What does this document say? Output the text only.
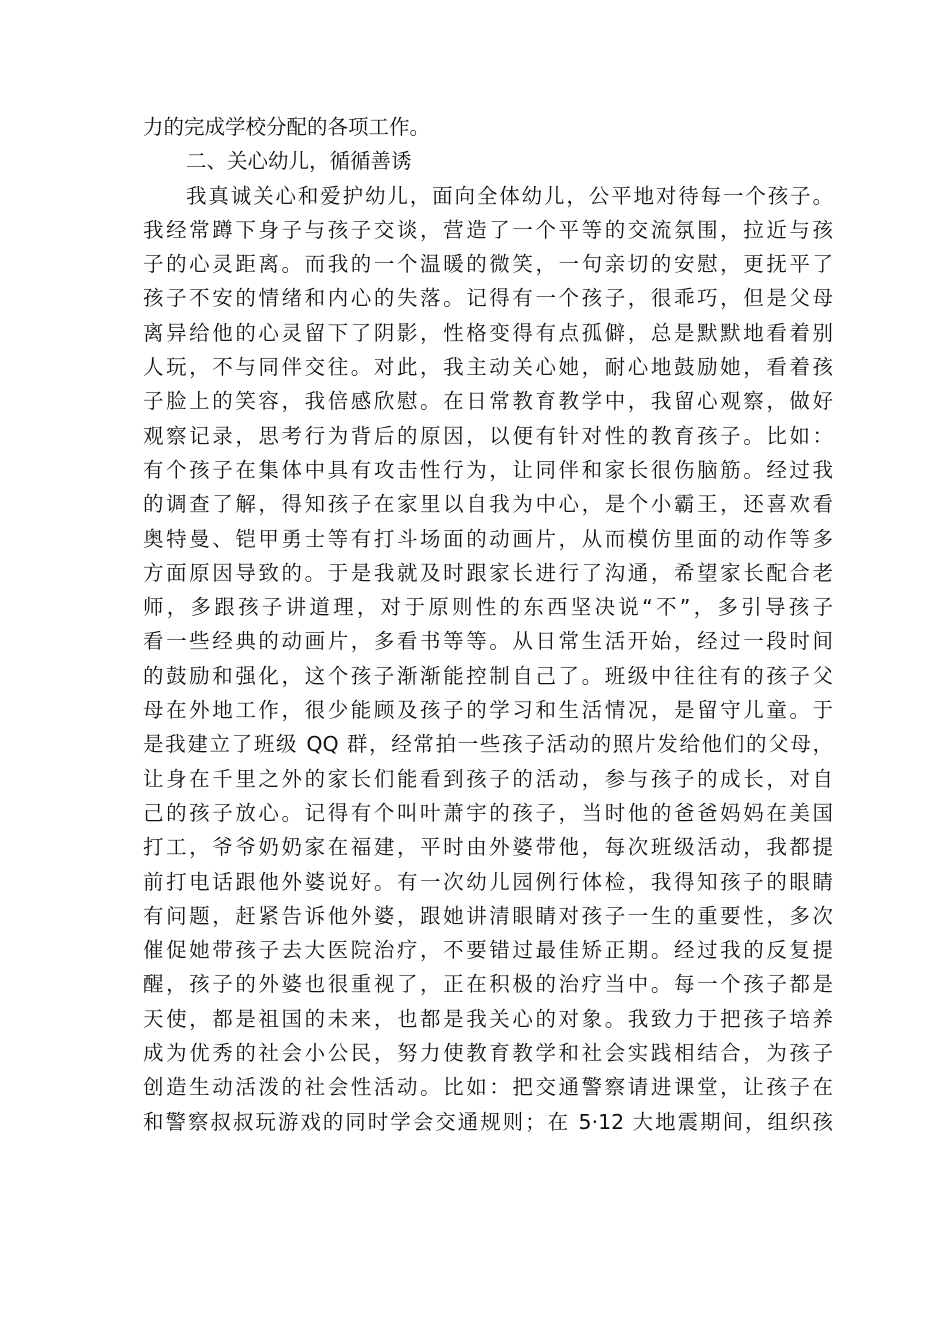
力的完成学校分配的各项工作。
二、关心幼儿，循循善诱
我真诚关心和爱护幼儿，面向全体幼儿，公平地对待每一个孩子。
我经常蹲下身子与孩子交谈，营造了一个平等的交流氛围，拉近与孩
子的心灵距离。而我的一个温暖的微笑，一句亲切的安慰，更抚平了
孩子不安的情绪和内心的失落。记得有一个孩子，很乖巧，但是父母
离异给他的心灵留下了阴影，性格变得有点孤僻，总是默默地看着别
人玩，不与同伴交往。对此，我主动关心她，耐心地鼓励她，看着孩
子脸上的笑容，我倍感欣慰。在日常教育教学中，我留心观察，做好
观察记录，思考行为背后的原因，以便有针对性的教育孩子。比如：
有个孩子在集体中具有攻击性行为，让同伴和家长很伤脑筋。经过我
的调查了解，得知孩子在家里以自我为中心，是个小霸王，还喜欢看
奥特曼、铠甲勇士等有打斗场面的动画片，从而模仿里面的动作等多
方面原因导致的。于是我就及时跟家长进行了沟通，希望家长配合老
师，多跟孩子讲道理，对于原则性的东西坚决说“不”，多引导孩子
看一些经典的动画片，多看书等等。从日常生活开始，经过一段时间
的鼓励和强化，这个孩子渐渐能控制自己了。班级中往往有的孩子父
母在外地工作，很少能顾及孩子的学习和生活情况，是留守儿童。于
是我建立了班级 QQ 群，经常拍一些孩子活动的照片发给他们的父母，
让身在千里之外的家长们能看到孩子的活动，参与孩子的成长，对自
己的孩子放心。记得有个叫叶萧宇的孩子，当时他的爸爸妈妈在美国
打工，爷爷奶奶家在福建，平时由外婆带他，每次班级活动，我都提
前打电话跟他外婆说好。有一次幼儿园例行体检，我得知孩子的眼睛
有问题，赶紧告诉他外婆，跟她讲清眼睛对孩子一生的重要性，多次
催促她带孩子去大医院治疗，不要错过最佳矫正期。经过我的反复提
醒，孩子的外婆也很重视了，正在积极的治疗当中。每一个孩子都是
天使，都是祖国的未来，也都是我关心的对象。我致力于把孩子培养
成为优秀的社会小公民，努力使教育教学和社会实践相结合，为孩子
创造生动活泼的社会性活动。比如：把交通警察请进课堂，让孩子在
和警察叔叔玩游戏的同时学会交通规则；在 5·12 大地震期间，组织孩
